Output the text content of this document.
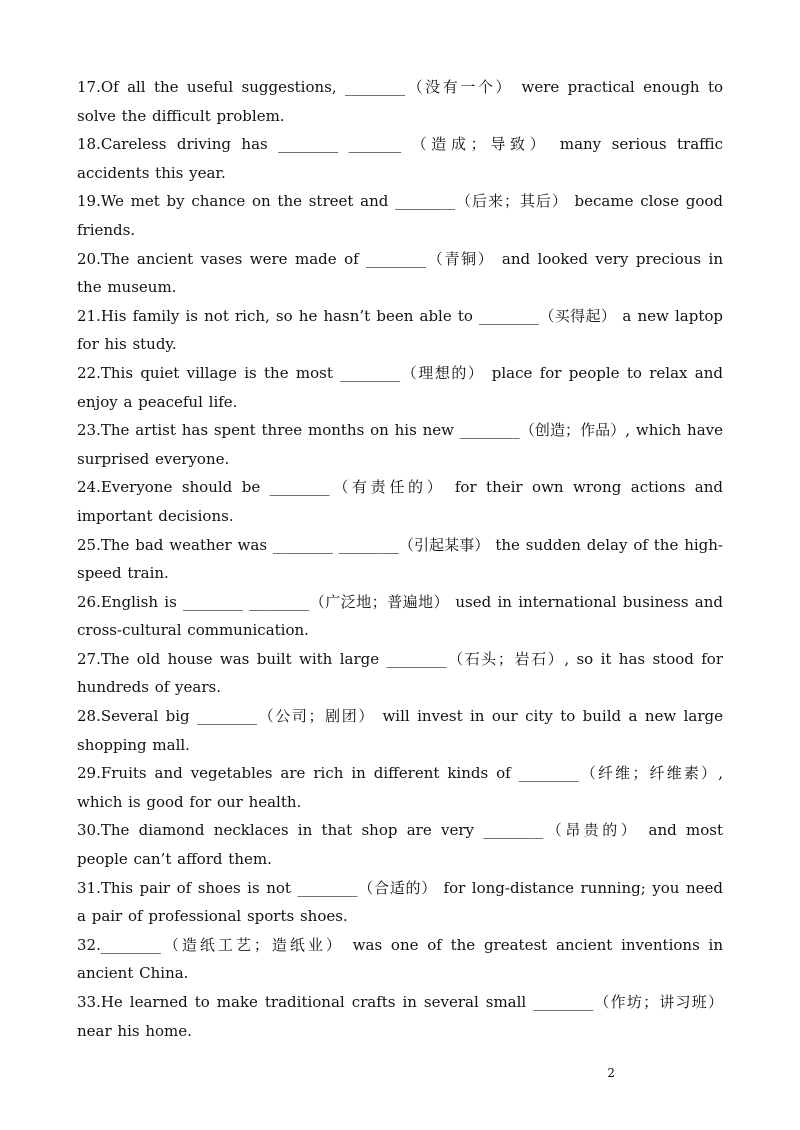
17.Of all the useful suggestions, ________（没有一个） were practical enough to solve the difficult problem.

18.Careless driving has ________ _______ （造成；导致） many serious traffic accidents this year.

19.We met by chance on the street and ________（后来；其后） became close good friends.

20.The ancient vases were made of ________（青铜） and looked very precious in the museum.

21.His family is not rich, so he hasn’t been able to ________（买得起） a new laptop for his study.

22.This quiet village is the most ________（理想的） place for people to relax and enjoy a peaceful life.

23.The artist has spent three months on his new ________（创造；作品）, which have surprised everyone.

24.Everyone should be ________（有责任的） for their own wrong actions and important decisions.

25.The bad weather was ________ ________（引起某事） the sudden delay of the high-speed train.

26.English is ________ ________（广泛地；普遍地） used in international business and cross-cultural communication.

27.The old house was built with large ________（石头；岩石）, so it has stood for hundreds of years.

28.Several big ________（公司；剧团） will invest in our city to build a new large shopping mall.

29.Fruits and vegetables are rich in different kinds of ________（纤维；纤维素）, which is good for our health.

30.The diamond necklaces in that shop are very ________（昂贵的） and most people can’t afford them.

31.This pair of shoes is not ________（合适的） for long-distance running; you need a pair of professional sports shoes.

32.________（造纸工艺；造纸业） was one of the greatest ancient inventions in ancient China.

33.He learned to make traditional crafts in several small ________（作坊；讲习班） near his home.

2
